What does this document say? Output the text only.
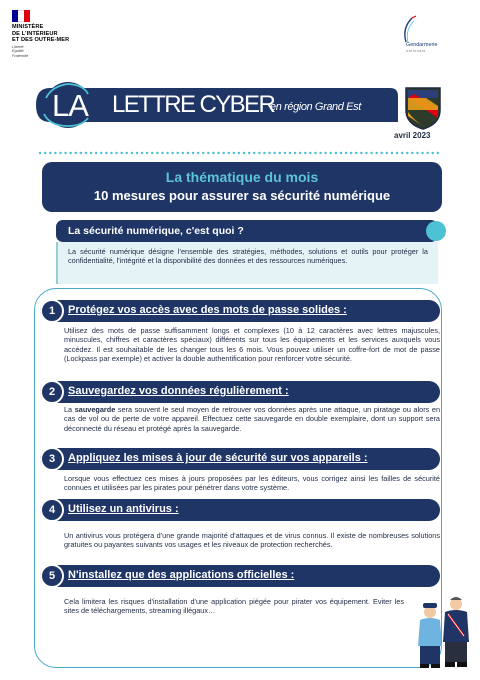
MINISTÈRE
DE L'INTÉRIEUR
ET DES OUTRE-MER
Liberté
Égalité
Fraternité
Gendarmerie
nationale
LA LETTRE CYBER
en région Grand Est
avril 2023
La thématique du mois
10 mesures pour assurer sa sécurité numérique
La sécurité numérique, c'est quoi ?
La sécurité numérique désigne l'ensemble des stratégies, méthodes, solutions et outils pour protéger la confidentialité, l'intégrité et la disponibilité des données et des ressources numériques.
1	Protégez vos accès avec des mots de passe solides :
Utilisez des mots de passe suffisamment longs et complexes (10 à 12 caractères avec lettres majuscules, minuscules, chiffres et caractères spéciaux) différents sur tous les équipements et les services auxquels vous accédez. Il est souhaitable de les changer tous les 6 mois. Vous pouvez utiliser un coffre-fort de mot de passe (Lockpass par exemple) et activer la double authentification pour renforcer votre sécurité.
2	Sauvegardez vos données régulièrement :
La sauvegarde sera souvent le seul moyen de retrouver vos données après une attaque, un piratage ou alors en cas de vol ou de perte de votre appareil. Effectuez cette sauvegarde en double exemplaire, dont un support sera déconnecté du réseau et protégé après la sauvegarde.
3	Appliquez les mises à jour de sécurité sur vos appareils :
Lorsque vous effectuez ces mises à jours proposées par les éditeurs, vous corrigez ainsi les failles de sécurité connues et utilisées par les pirates pour pénétrer dans votre système.
4	Utilisez un antivirus :
Un antivirus vous protégera d'une grande majorité d'attaques et de virus connus. Il existe de nombreuses solutions gratuites ou payantes suivants vos usages et les niveaux de protection recherchés.
5	N'installez que des applications officielles :
Cela limitera les risques d'installation d'une application piégée pour pirater vos équipement. Eviter les sites de téléchargements, streaming illégaux…
